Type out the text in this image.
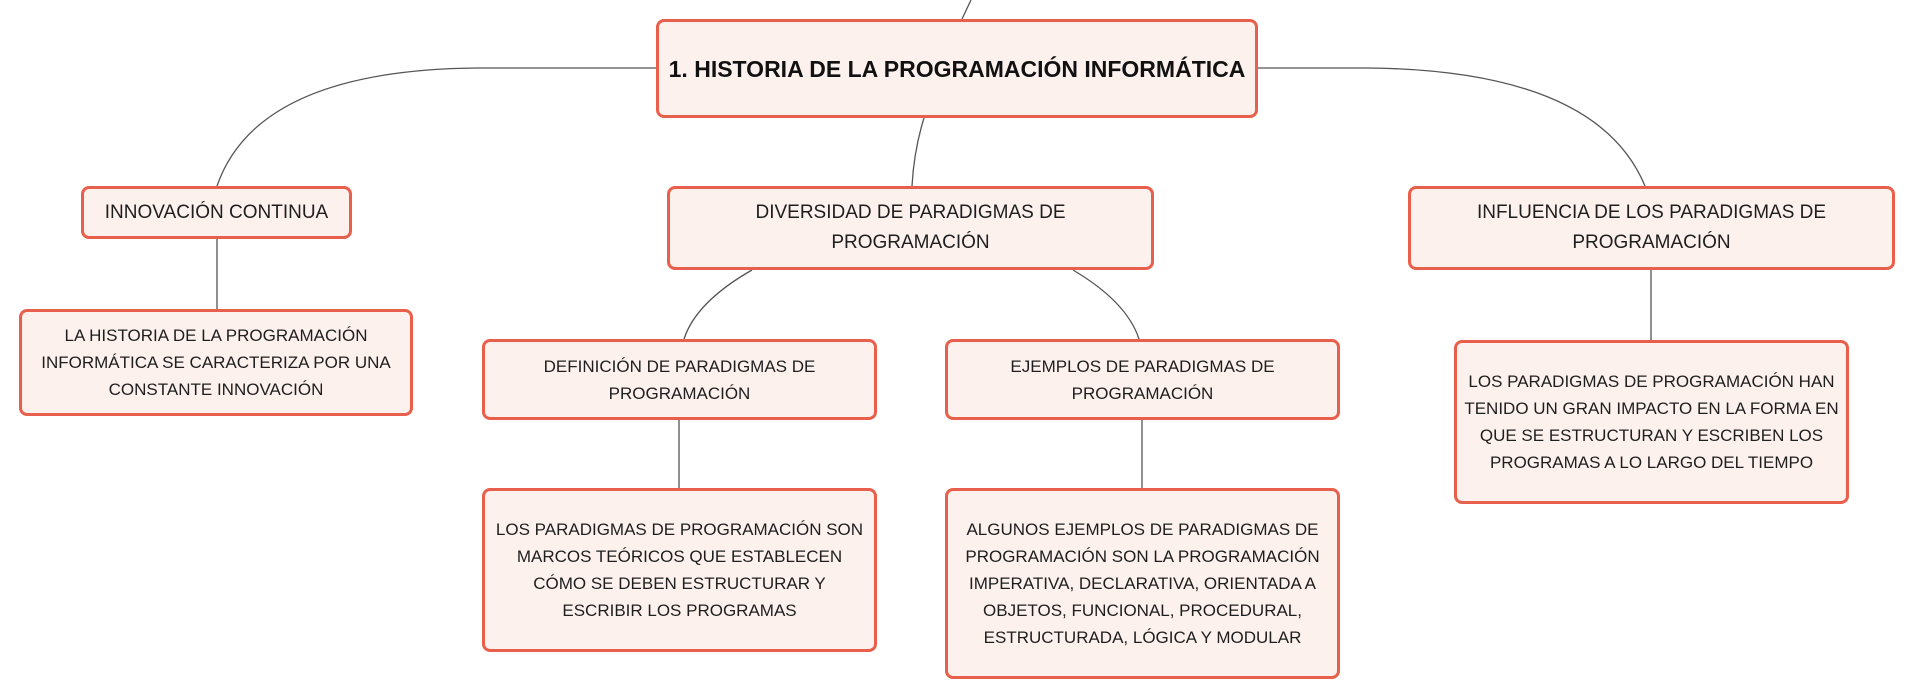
1. HISTORIA DE LA PROGRAMACIÓN INFORMÁTICA
INNOVACIÓN CONTINUA
LA HISTORIA DE LA PROGRAMACIÓN INFORMÁTICA SE CARACTERIZA POR UNA CONSTANTE INNOVACIÓN
DIVERSIDAD DE PARADIGMAS DE PROGRAMACIÓN
DEFINICIÓN DE PARADIGMAS DE PROGRAMACIÓN
LOS PARADIGMAS DE PROGRAMACIÓN SON MARCOS TEÓRICOS QUE ESTABLECEN CÓMO SE DEBEN ESTRUCTURAR Y ESCRIBIR LOS PROGRAMAS
EJEMPLOS DE PARADIGMAS DE PROGRAMACIÓN
ALGUNOS EJEMPLOS DE PARADIGMAS DE PROGRAMACIÓN SON LA PROGRAMACIÓN IMPERATIVA, DECLARATIVA, ORIENTADA A OBJETOS, FUNCIONAL, PROCEDURAL, ESTRUCTURADA, LÓGICA Y MODULAR
INFLUENCIA DE LOS PARADIGMAS DE PROGRAMACIÓN
LOS PARADIGMAS DE PROGRAMACIÓN HAN TENIDO UN GRAN IMPACTO EN LA FORMA EN QUE SE ESTRUCTURAN Y ESCRIBEN LOS PROGRAMAS A LO LARGO DEL TIEMPO
